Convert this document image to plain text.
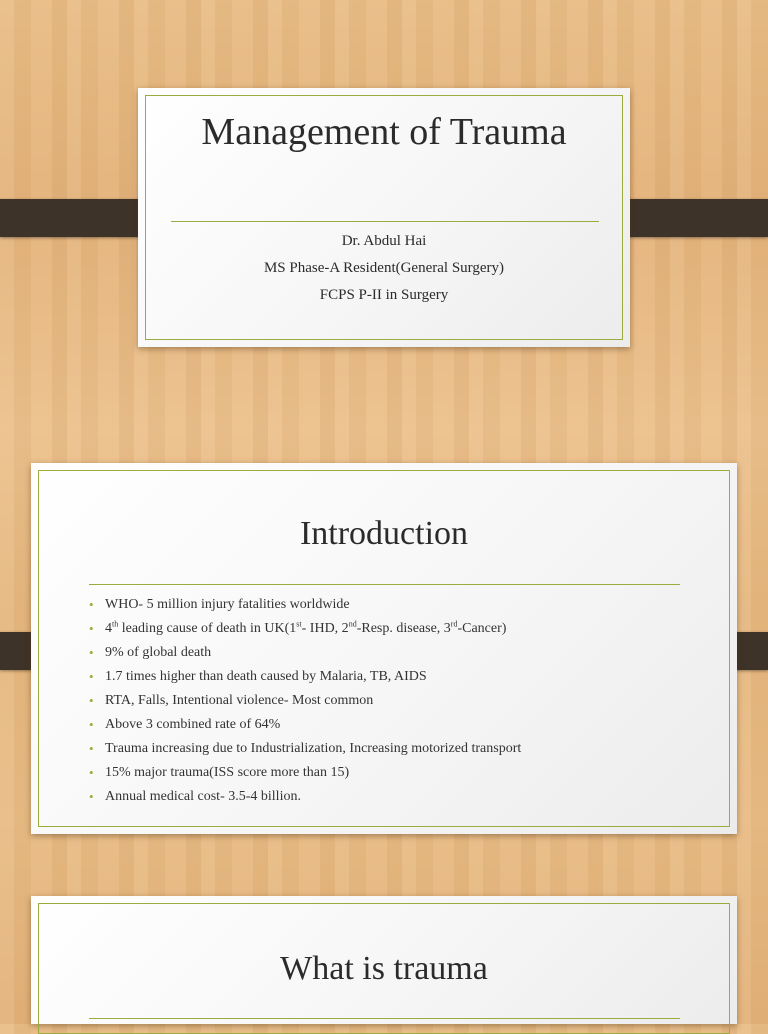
Management of Trauma
Dr. Abdul Hai
MS Phase-A Resident(General Surgery)
FCPS P-II in Surgery
Introduction
• WHO- 5 million injury fatalities worldwide
• 4th leading cause of death in UK(1st- IHD, 2nd-Resp. disease, 3rd-Cancer)
• 9% of global death
• 1.7 times higher than death caused by Malaria, TB, AIDS
• RTA, Falls, Intentional violence- Most common
• Above 3 combined rate of 64%
• Trauma increasing due to Industrialization, Increasing motorized transport
• 15% major trauma(ISS score more than 15)
• Annual medical cost- 3.5-4 billion.
What is trauma
